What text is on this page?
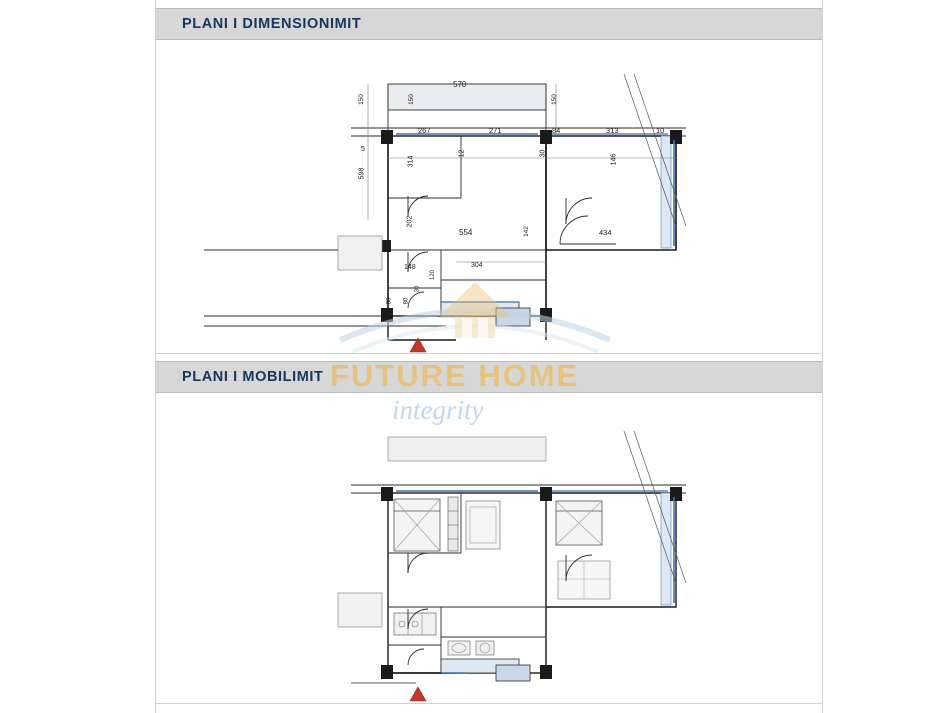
PLANI I DIMENSIONIMIT
570
150	150	150
267	271	84	313	10
5
598
314
12	30
146
202
554	434
142
148	304
120
86 80
30
PLANI I MOBILIMIT FUTURE HOME
integrity
